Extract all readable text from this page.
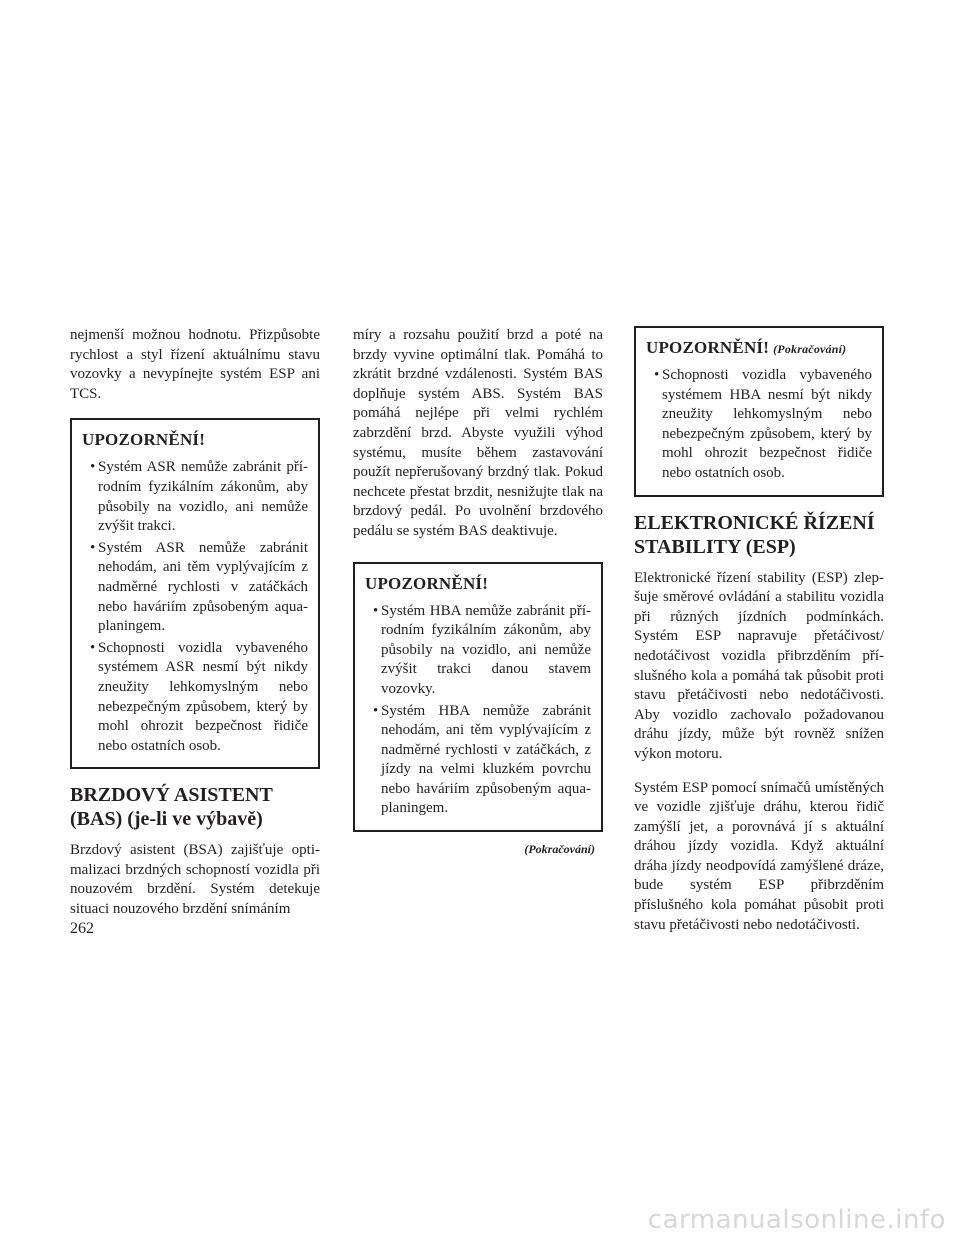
nejmenší možnou hodnotu. Přizpůsobte rychlost a styl řízení aktuálnímu stavu vozovky a nevypínejte systém ESP ani TCS.

UPOZORNĚNÍ!
• Systém ASR nemůže zabránit přírodním fyzikálním zákonům, aby působily na vozidlo, ani nemůže zvýšit trakci.
• Systém ASR nemůže zabránit nehodám, ani těm vyplývajícím z nadměrné rychlosti v zatáčkách nebo haváriím způsobeným aquaplaningem.
• Schopnosti vozidla vybaveného systémem ASR nesmí být nikdy zneužity lehkomyslným nebo nebezpečným způsobem, který by mohl ohrozit bezpečnost řidiče nebo ostatních osob.
BRZDOVÝ ASISTENT (BAS) (je-li ve výbavě)

Brzdový asistent (BSA) zajišťuje optimalizaci brzdných schopností vozidla při nouzovém brzdění. Systém detekuje situaci nouzového brzdění snímáním

míry a rozsahu použití brzd a poté na brzdy vyvine optimální tlak. Pomáhá to zkrátit brzdné vzdálenosti. Systém BAS doplňuje systém ABS. Systém BAS pomáhá nejlépe při velmi rychlém zabrzdění brzd. Abyste využili výhod systému, musíte během zastavování použít nepřerušovaný brzdný tlak. Pokud nechcete přestat brzdit, nesnižujte tlak na brzdový pedál. Po uvolnění brzdového pedálu se systém BAS deaktivuje.

UPOZORNĚNÍ!
• Systém HBA nemůže zabránit přírodním fyzikálním zákonům, aby působily na vozidlo, ani nemůže zvýšit trakci danou stavem vozovky.
• Systém HBA nemůže zabránit nehodám, ani těm vyplývajícím z nadměrné rychlosti v zatáčkách, z jízdy na velmi kluzkém povrchu nebo haváriím způsobeným aquaplaningem.
(Pokračování)
UPOZORNĚNÍ! (Pokračování)
• Schopnosti vozidla vybaveného systémem HBA nesmí být nikdy zneužity lehkomyslným nebo nebezpečným způsobem, který by mohl ohrozit bezpečnost řidiče nebo ostatních osob.
ELEKTRONICKÉ ŘÍZENÍ STABILITY (ESP)

Elektronické řízení stability (ESP) zlepšuje směrové ovládání a stabilitu vozidla při různých jízdních podmínkách. Systém ESP napravuje přetáčivost/ nedotáčivost vozidla přibrzděním příslušného kola a pomáhá tak působit proti stavu přetáčivosti nebo nedotáčivosti. Aby vozidlo zachovalo požadovanou dráhu jízdy, může být rovněž snížen výkon motoru.

Systém ESP pomocí snímačů umístěných ve vozidle zjišťuje dráhu, kterou řidič zamýšlí jet, a porovnává jí s aktuální dráhou jízdy vozidla. Když aktuální dráha jízdy neodpovídá zamýšlené dráze, bude systém ESP přibrzděním příslušného kola pomáhat působit proti stavu přetáčivosti nebo nedotáčivosti.

262
carmanualsonline.info
